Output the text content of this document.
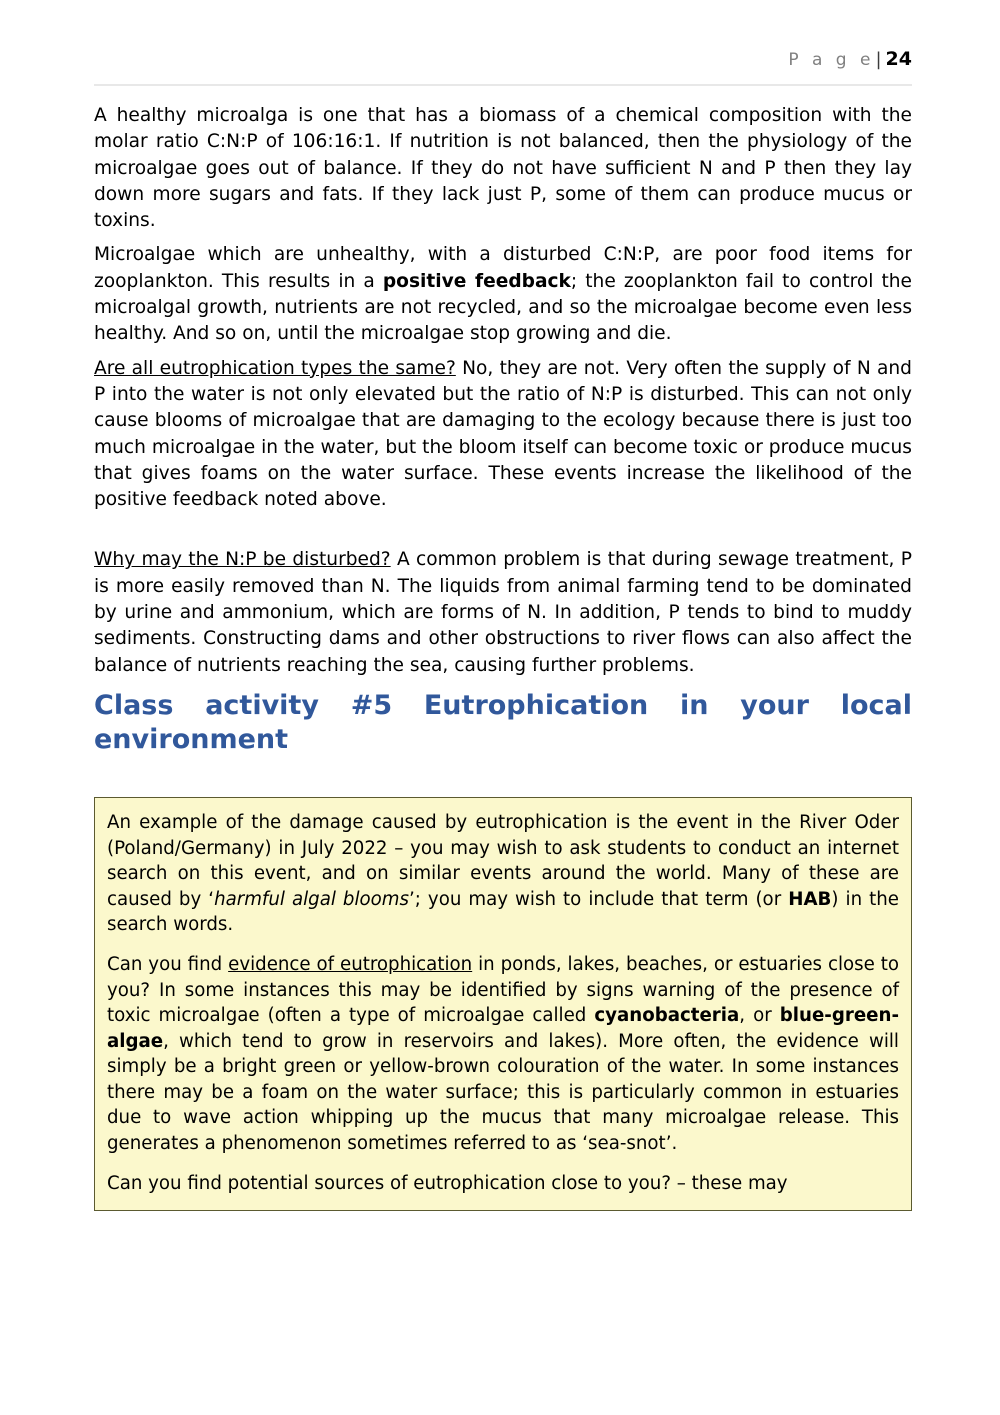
P a g e| 24

A healthy microalga is one that has a biomass of a chemical composition with the molar ratio C:N:P of 106:16:1. If nutrition is not balanced, then the physiology of the microalgae goes out of balance. If they do not have sufficient N and P then they lay down more sugars and fats. If they lack just P, some of them can produce mucus or toxins.

Microalgae which are unhealthy, with a disturbed C:N:P, are poor food items for zooplankton. This results in a positive feedback; the zooplankton fail to control the microalgal growth, nutrients are not recycled, and so the microalgae become even less healthy. And so on, until the microalgae stop growing and die.

Are all eutrophication types the same? No, they are not. Very often the supply of N and P into the water is not only elevated but the ratio of N:P is disturbed. This can not only cause blooms of microalgae that are damaging to the ecology because there is just too much microalgae in the water, but the bloom itself can become toxic or produce mucus that gives foams on the water surface. These events increase the likelihood of the positive feedback noted above.

Why may the N:P be disturbed? A common problem is that during sewage treatment, P is more easily removed than N. The liquids from animal farming tend to be dominated by urine and ammonium, which are forms of N. In addition, P tends to bind to muddy sediments. Constructing dams and other obstructions to river flows can also affect the balance of nutrients reaching the sea, causing further problems.

Class activity #5 Eutrophication in your local environment

An example of the damage caused by eutrophication is the event in the River Oder (Poland/Germany) in July 2022 – you may wish to ask students to conduct an internet search on this event, and on similar events around the world. Many of these are caused by ‘harmful algal blooms’; you may wish to include that term (or HAB) in the search words.

Can you find evidence of eutrophication in ponds, lakes, beaches, or estuaries close to you? In some instances this may be identified by signs warning of the presence of toxic microalgae (often a type of microalgae called cyanobacteria, or blue-green-algae, which tend to grow in reservoirs and lakes). More often, the evidence will simply be a bright green or yellow-brown colouration of the water. In some instances there may be a foam on the water surface; this is particularly common in estuaries due to wave action whipping up the mucus that many microalgae release. This generates a phenomenon sometimes referred to as ‘sea-snot’.

Can you find potential sources of eutrophication close to you? – these may
